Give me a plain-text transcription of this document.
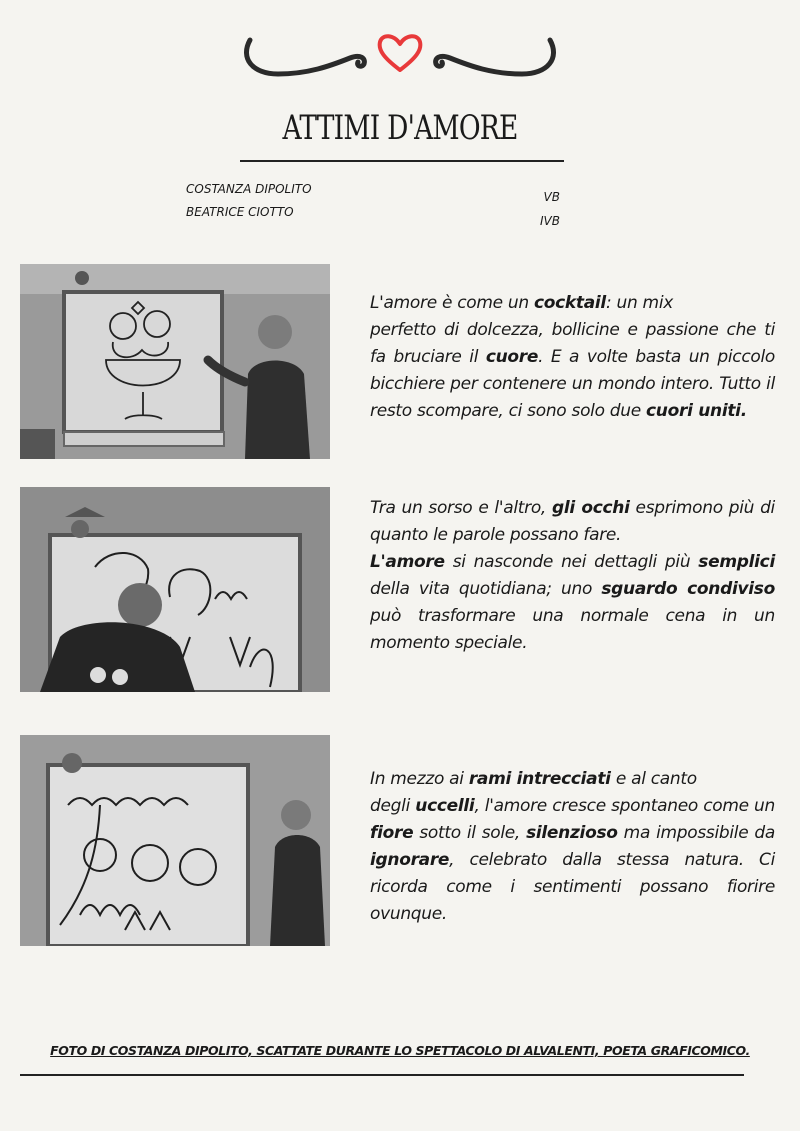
ATTIMI D'AMORE
COSTANZA DIPOLITO
BEATRICE CIOTTO
VB
IVB

L'amore è come un cocktail: un mix
perfetto di dolcezza, bollicine e passione che ti fa bruciare il cuore. E a volte basta un piccolo bicchiere per contenere un mondo intero. Tutto il resto scompare, ci sono solo due cuori uniti.

Tra un sorso e l'altro, gli occhi esprimono più di quanto le parole possano fare.
L'amore si nasconde nei dettagli più semplici della vita quotidiana; uno sguardo condiviso può trasformare una normale cena in un momento speciale.

In mezzo ai rami intrecciati e al canto
degli uccelli, l'amore cresce spontaneo come un fiore sotto il sole, silenzioso ma impossibile da ignorare, celebrato dalla stessa natura. Ci ricorda come i sentimenti possano fiorire ovunque.

FOTO DI COSTANZA DIPOLITO, SCATTATE DURANTE LO SPETTACOLO DI ALVALENTI, POETA GRAFICOMICO.
